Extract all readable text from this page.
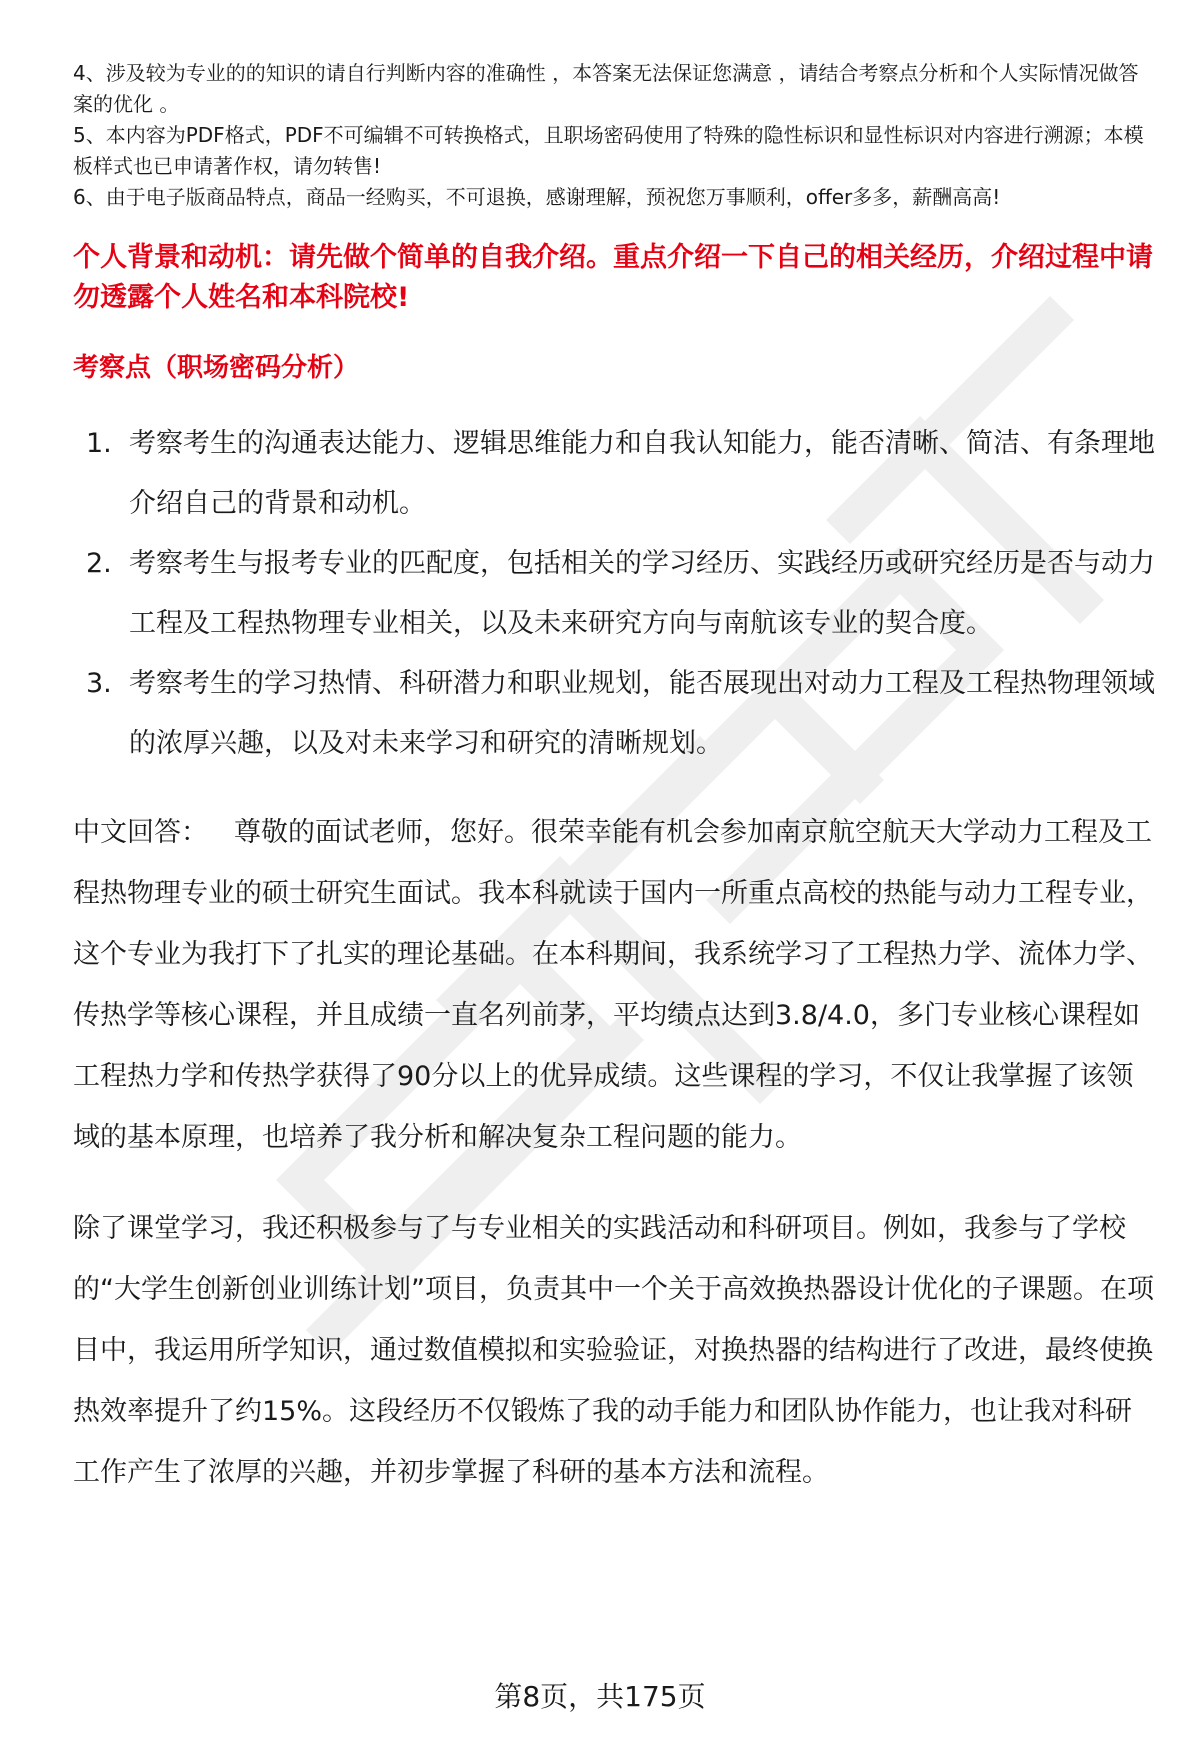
4、涉及较为专业的的知识的请自行判断内容的准确性 ，本答案无法保证您满意 ，请结合考察点分析和个人实际情况做答案的优化 。

5、本内容为PDF格式，PDF不可编辑不可转换格式，且职场密码使用了特殊的隐性标识和显性标识对内容进行溯源；本模板样式也已申请著作权，请勿转售!

6、由于电子版商品特点，商品一经购买，不可退换，感谢理解，预祝您万事顺利，offer多多，薪酬高高!

个人背景和动机：请先做个简单的自我介绍。重点介绍一下自己的相关经历，介绍过程中请勿透露个人姓名和本科院校!

考察点（职场密码分析）

1. 考察考生的沟通表达能力、逻辑思维能力和自我认知能力，能否清晰、简洁、有条理地介绍自己的背景和动机。
2. 考察考生与报考专业的匹配度，包括相关的学习经历、实践经历或研究经历是否与动力工程及工程热物理专业相关，以及未来研究方向与南航该专业的契合度。
3. 考察考生的学习热情、科研潜力和职业规划，能否展现出对动力工程及工程热物理领域的浓厚兴趣，以及对未来学习和研究的清晰规划。

中文回答： 尊敬的面试老师，您好。很荣幸能有机会参加南京航空航天大学动力工程及工程热物理专业的硕士研究生面试。我本科就读于国内一所重点高校的热能与动力工程专业，这个专业为我打下了扎实的理论基础。在本科期间，我系统学习了工程热力学、流体力学、传热学等核心课程，并且成绩一直名列前茅，平均绩点达到3.8/4.0，多门专业核心课程如工程热力学和传热学获得了90分以上的优异成绩。这些课程的学习，不仅让我掌握了该领域的基本原理，也培养了我分析和解决复杂工程问题的能力。

除了课堂学习，我还积极参与了与专业相关的实践活动和科研项目。例如，我参与了学校的“大学生创新创业训练计划”项目，负责其中一个关于高效换热器设计优化的子课题。在项目中，我运用所学知识，通过数值模拟和实验验证，对换热器的结构进行了改进，最终使换热效率提升了约15%。这段经历不仅锻炼了我的动手能力和团队协作能力，也让我对科研工作产生了浓厚的兴趣，并初步掌握了科研的基本方法和流程。

第8页，共175页
